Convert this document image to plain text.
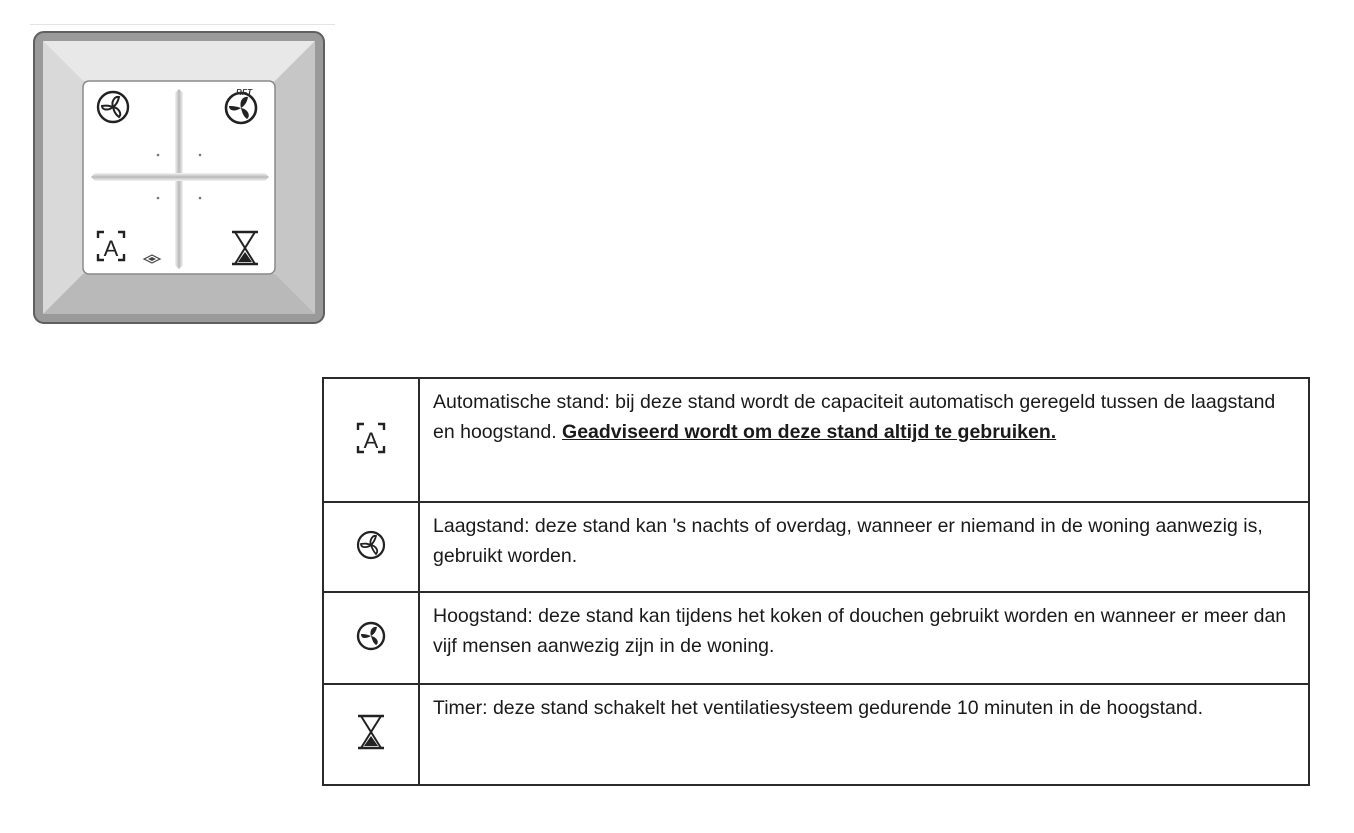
A
RFT
A	Automatische stand: bij deze stand wordt de capaciteit automatisch geregeld tussen de laagstand en hoogstand. Geadviseerd wordt om deze stand altijd te gebruiken.

	Laagstand: deze stand kan 's nachts of overdag, wanneer er niemand in de woning aanwezig is, gebruikt worden.

	Hoogstand: deze stand kan tijdens het koken of douchen gebruikt worden en wanneer er meer dan vijf mensen aanwezig zijn in de woning.

	Timer: deze stand schakelt het ventilatiesysteem gedurende 10 minuten in de hoogstand.
